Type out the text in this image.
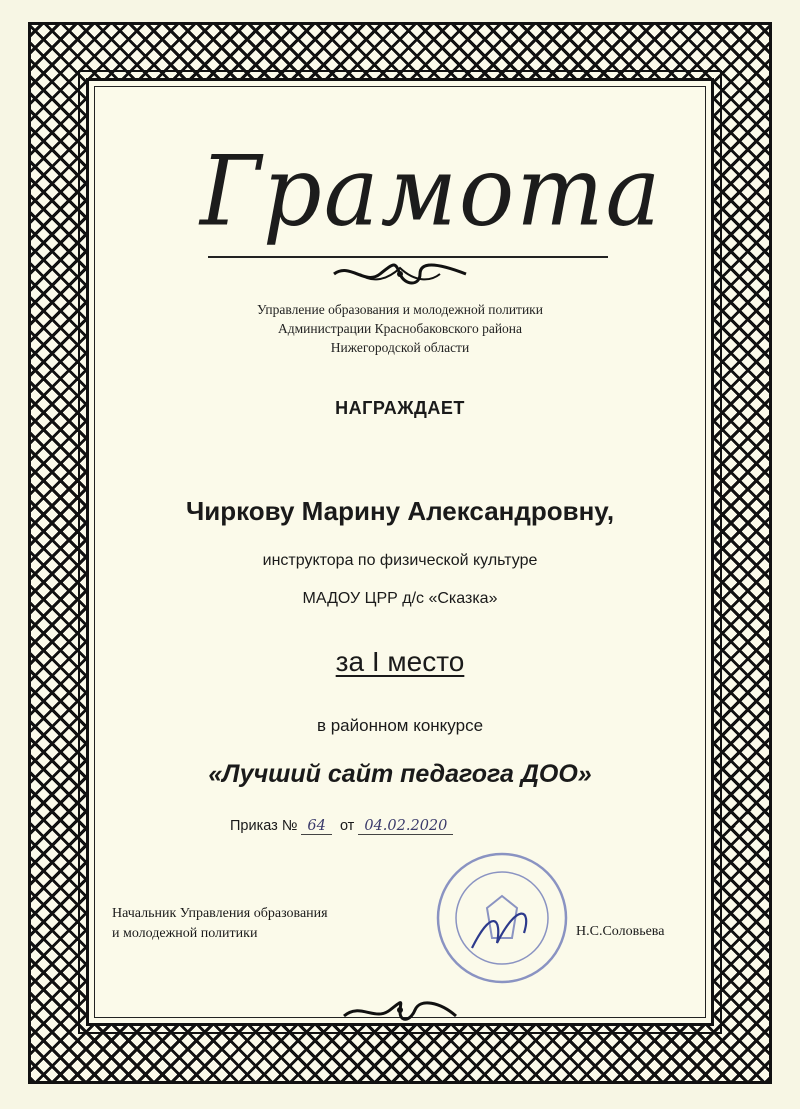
Грамота
Управление образования и молодежной политики
Администрации Краснобаковского района
Нижегородской области
НАГРАЖДАЕТ
Чиркову Марину Александровну,
инструктора по физической культуре
МАДОУ ЦРР д/с «Сказка»
за I место
в районном конкурсе
«Лучший сайт педагога ДОО»
Приказ № 64 от 04.02.2020
Начальник Управления образования
и молодежной политики	Н.С.Соловьева
